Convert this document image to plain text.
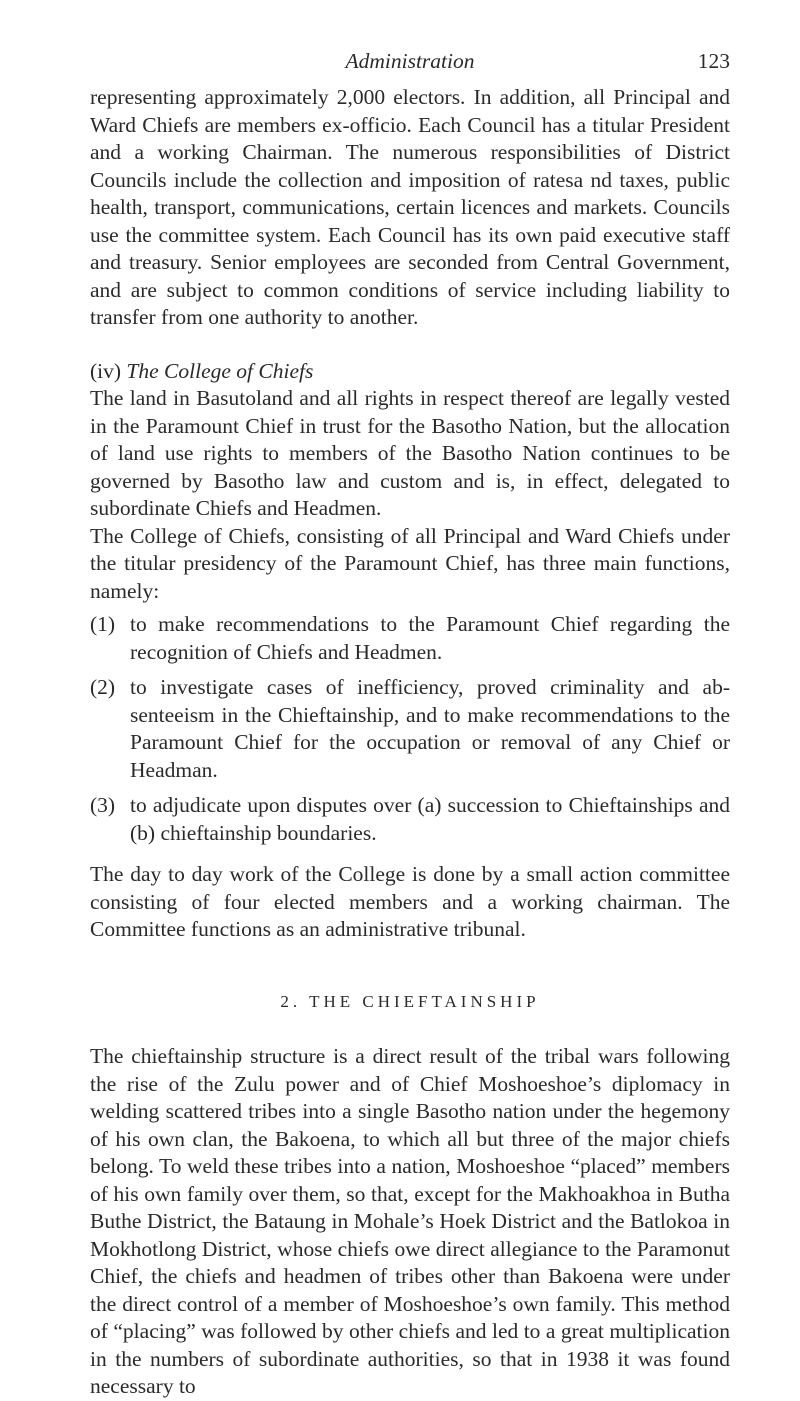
Administration	123

representing approximately 2,000 electors. In addition, all Principal and Ward Chiefs are members ex-officio. Each Council has a titular President and a working Chairman. The numerous responsibilities of District Councils include the collection and imposition of ratesa nd taxes, public health, transport, communications, certain licences and markets. Councils use the committee system. Each Council has its own paid executive staff and treasury. Senior employees are seconded from Central Government, and are subject to common conditions of service including liability to transfer from one authority to another.

(iv) The College of Chiefs

The land in Basutoland and all rights in respect thereof are legally vested in the Paramount Chief in trust for the Basotho Nation, but the allocation of land use rights to members of the Basotho Nation continues to be governed by Basotho law and custom and is, in effect, delegated to subordinate Chiefs and Headmen.

The College of Chiefs, consisting of all Principal and Ward Chiefs under the titular presidency of the Paramount Chief, has three main functions, namely:

(1) to make recommendations to the Paramount Chief regarding the recognition of Chiefs and Headmen.
(2) to investigate cases of inefficiency, proved criminality and absenteeism in the Chieftainship, and to make recommendations to the Paramount Chief for the occupation or removal of any Chief or Headman.
(3) to adjudicate upon disputes over (a) succession to Chieftainships and (b) chieftainship boundaries.

The day to day work of the College is done by a small action committee consisting of four elected members and a working chairman. The Committee functions as an administrative tribunal.

2. THE CHIEFTAINSHIP

The chieftainship structure is a direct result of the tribal wars following the rise of the Zulu power and of Chief Moshoeshoe’s diplomacy in welding scattered tribes into a single Basotho nation under the hegemony of his own clan, the Bakoena, to which all but three of the major chiefs belong. To weld these tribes into a nation, Moshoeshoe “placed” members of his own family over them, so that, except for the Makhoakhoa in Butha Buthe District, the Bataung in Mohale’s Hoek District and the Batlokoa in Mokhotlong District, whose chiefs owe direct allegiance to the Paramonut Chief, the chiefs and headmen of tribes other than Bakoena were under the direct control of a member of Moshoeshoe’s own family. This method of “placing” was followed by other chiefs and led to a great multiplication in the numbers of subordinate authorities, so that in 1938 it was found necessary to
